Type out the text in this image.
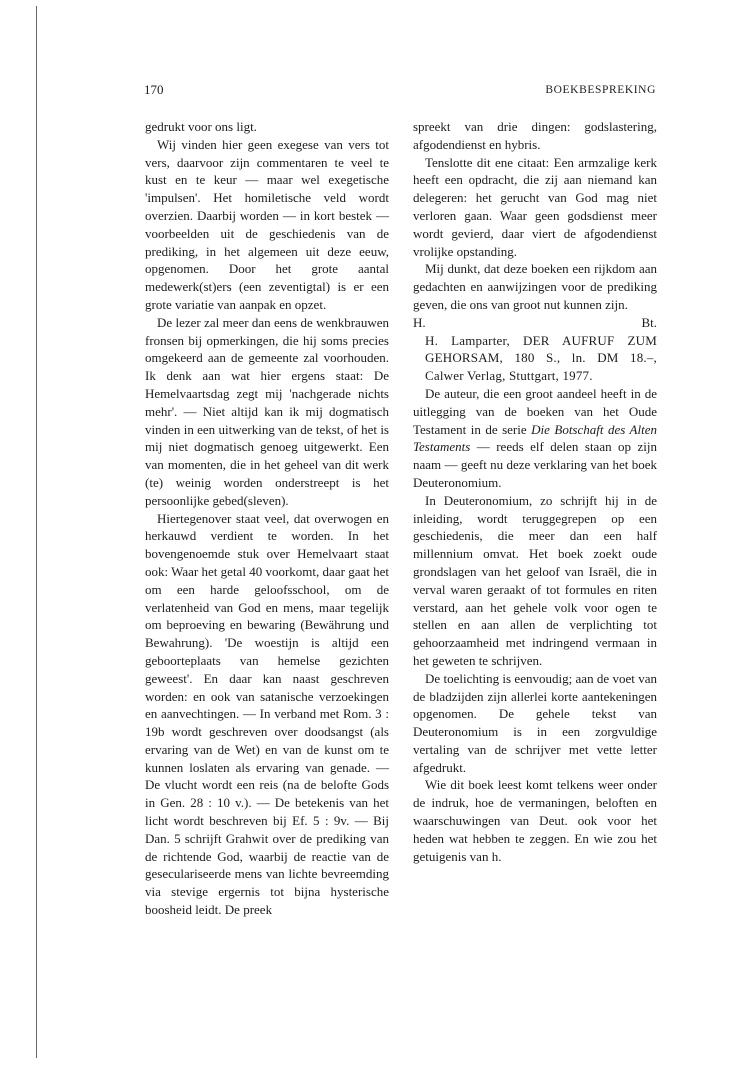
170	BOEKBESPREKING

gedrukt voor ons ligt.

Wij vinden hier geen exegese van vers tot vers, daarvoor zijn commentaren te veel te kust en te keur — maar wel exegetische 'impulsen'. Het homiletische veld wordt overzien. Daarbij worden — in kort bestek — voorbeelden uit de geschiedenis van de prediking, in het algemeen uit deze eeuw, opgenomen. Door het grote aantal medewerk(st)ers (een zeventigtal) is er een grote variatie van aanpak en opzet.

De lezer zal meer dan eens de wenkbrauwen fronsen bij opmerkingen, die hij soms precies omgekeerd aan de gemeente zal voorhouden. Ik denk aan wat hier ergens staat: De Hemelvaartsdag zegt mij 'nachgerade nichts mehr'. — Niet altijd kan ik mij dogmatisch vinden in een uitwerking van de tekst, of het is mij niet dogmatisch genoeg uitgewerkt. Een van momenten, die in het geheel van dit werk (te) weinig worden onderstreept is het persoonlijke gebed(sleven).

Hiertegenover staat veel, dat overwogen en herkauwd verdient te worden. In het bovengenoemde stuk over Hemelvaart staat ook: Waar het getal 40 voorkomt, daar gaat het om een harde geloofsschool, om de verlatenheid van God en mens, maar tegelijk om beproeving en bewaring (Bewährung und Bewahrung). 'De woestijn is altijd een geboorteplaats van hemelse gezichten geweest'. En daar kan naast geschreven worden: en ook van satanische verzoekingen en aanvechtingen. — In verband met Rom. 3 : 19b wordt geschreven over doodsangst (als ervaring van de Wet) en van de kunst om te kunnen loslaten als ervaring van genade. — De vlucht wordt een reis (na de belofte Gods in Gen. 28 : 10 v.). — De betekenis van het licht wordt beschreven bij Ef. 5 : 9v. — Bij Dan. 5 schrijft Grahwit over de prediking van de richtende God, waarbij de reactie van de geseculariseerde mens van lichte bevreemding via stevige ergernis tot bijna hysterische boosheid leidt. De preek

spreekt van drie dingen: godslastering, afgodendienst en hybris.

Tenslotte dit ene citaat: Een armzalige kerk heeft een opdracht, die zij aan niemand kan delegeren: het gerucht van God mag niet verloren gaan. Waar geen godsdienst meer wordt gevierd, daar viert de afgodendienst vrolijke opstanding.

Mij dunkt, dat deze boeken een rijkdom aan gedachten en aanwijzingen voor de prediking geven, die ons van groot nut kunnen zijn.

H.	Bt.

H. Lamparter, DER AUFRUF ZUM GEHORSAM, 180 S., ln. DM 18.–, Calwer Verlag, Stuttgart, 1977.

De auteur, die een groot aandeel heeft in de uitlegging van de boeken van het Oude Testament in de serie Die Botschaft des Alten Testaments — reeds elf delen staan op zijn naam — geeft nu deze verklaring van het boek Deuteronomium.

In Deuteronomium, zo schrijft hij in de inleiding, wordt teruggegrepen op een geschiedenis, die meer dan een half millennium omvat. Het boek zoekt oude grondslagen van het geloof van Israël, die in verval waren geraakt of tot formules en riten verstard, aan het gehele volk voor ogen te stellen en aan allen de verplichting tot gehoorzaamheid met indringend vermaan in het geweten te schrijven.

De toelichting is eenvoudig; aan de voet van de bladzijden zijn allerlei korte aantekeningen opgenomen. De gehele tekst van Deuteronomium is in een zorgvuldige vertaling van de schrijver met vette letter afgedrukt.

Wie dit boek leest komt telkens weer onder de indruk, hoe de vermaningen, beloften en waarschuwingen van Deut. ook voor het heden wat hebben te zeggen. En wie zou het getuigenis van h.
